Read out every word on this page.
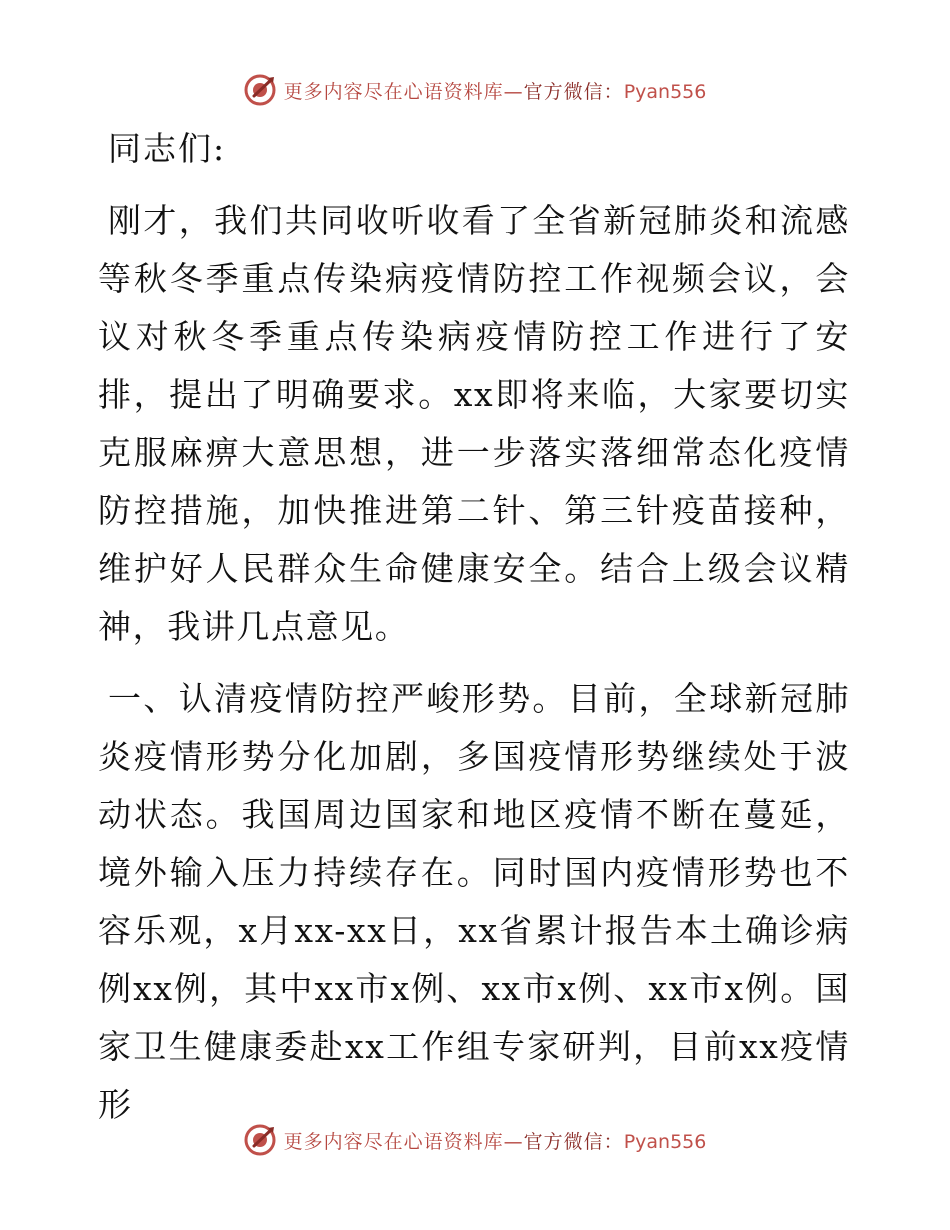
更多内容尽在心语资料库—官方微信：Pyan556

同志们:

刚才，我们共同收听收看了全省新冠肺炎和流感等秋冬季重点传染病疫情防控工作视频会议，会议对秋冬季重点传染病疫情防控工作进行了安排，提出了明确要求。xx即将来临，大家要切实克服麻痹大意思想，进一步落实落细常态化疫情防控措施，加快推进第二针、第三针疫苗接种，维护好人民群众生命健康安全。结合上级会议精神，我讲几点意见。

一、认清疫情防控严峻形势。目前，全球新冠肺炎疫情形势分化加剧，多国疫情形势继续处于波动状态。我国周边国家和地区疫情不断在蔓延，境外输入压力持续存在。同时国内疫情形势也不容乐观，x月xx-xx日，xx省累计报告本土确诊病例xx例，其中xx市x例、xx市x例、xx市x例。国家卫生健康委赴xx工作组专家研判，目前xx疫情形

更多内容尽在心语资料库—官方微信：Pyan556
